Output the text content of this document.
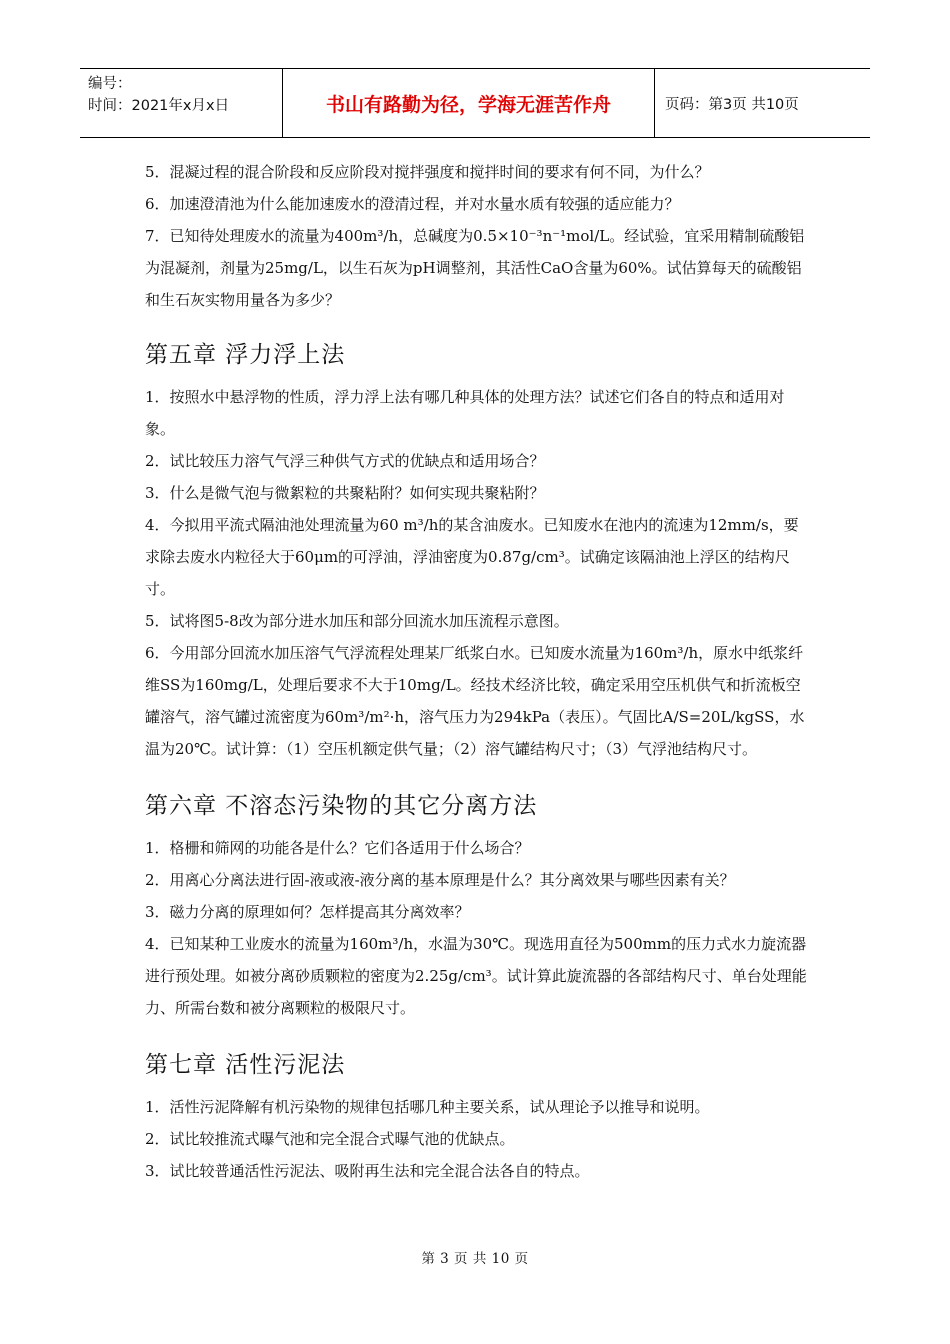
编号：
时间：2021年x月x日	书山有路勤为径，学海无涯苦作舟	页码：第3页 共10页

5．混凝过程的混合阶段和反应阶段对搅拌强度和搅拌时间的要求有何不同，为什么？

6．加速澄清池为什么能加速废水的澄清过程，并对水量水质有较强的适应能力？

7．已知待处理废水的流量为400m³/h，总碱度为0.5×10⁻³n⁻¹mol/L。经试验，宜采用精制硫酸铝为混凝剂，剂量为25mg/L，以生石灰为pH调整剂，其活性CaO含量为60%。试估算每天的硫酸铝和生石灰实物用量各为多少？

第五章 浮力浮上法

1．按照水中悬浮物的性质，浮力浮上法有哪几种具体的处理方法？试述它们各自的特点和适用对象。

2．试比较压力溶气气浮三种供气方式的优缺点和适用场合？

3．什么是微气泡与微絮粒的共聚粘附？如何实现共聚粘附？

4．今拟用平流式隔油池处理流量为60 m³/h的某含油废水。已知废水在池内的流速为12mm/s，要求除去废水内粒径大于60μm的可浮油，浮油密度为0.87g/cm³。试确定该隔油池上浮区的结构尺寸。

5．试将图5-8改为部分进水加压和部分回流水加压流程示意图。

6．今用部分回流水加压溶气气浮流程处理某厂纸浆白水。已知废水流量为160m³/h，原水中纸浆纤维SS为160mg/L，处理后要求不大于10mg/L。经技术经济比较，确定采用空压机供气和折流板空罐溶气，溶气罐过流密度为60m³/m²·h，溶气压力为294kPa（表压）。气固比A/S=20L/kgSS，水温为20℃。试计算：（1）空压机额定供气量；（2）溶气罐结构尺寸；（3）气浮池结构尺寸。

第六章 不溶态污染物的其它分离方法

1．格栅和筛网的功能各是什么？它们各适用于什么场合？

2．用离心分离法进行固-液或液-液分离的基本原理是什么？其分离效果与哪些因素有关？

3．磁力分离的原理如何？怎样提高其分离效率？

4．已知某种工业废水的流量为160m³/h，水温为30℃。现选用直径为500mm的压力式水力旋流器进行预处理。如被分离砂质颗粒的密度为2.25g/cm³。试计算此旋流器的各部结构尺寸、单台处理能力、所需台数和被分离颗粒的极限尺寸。

第七章 活性污泥法

1．活性污泥降解有机污染物的规律包括哪几种主要关系，试从理论予以推导和说明。

2．试比较推流式曝气池和完全混合式曝气池的优缺点。

3．试比较普通活性污泥法、吸附再生法和完全混合法各自的特点。

第 3 页 共 10 页
